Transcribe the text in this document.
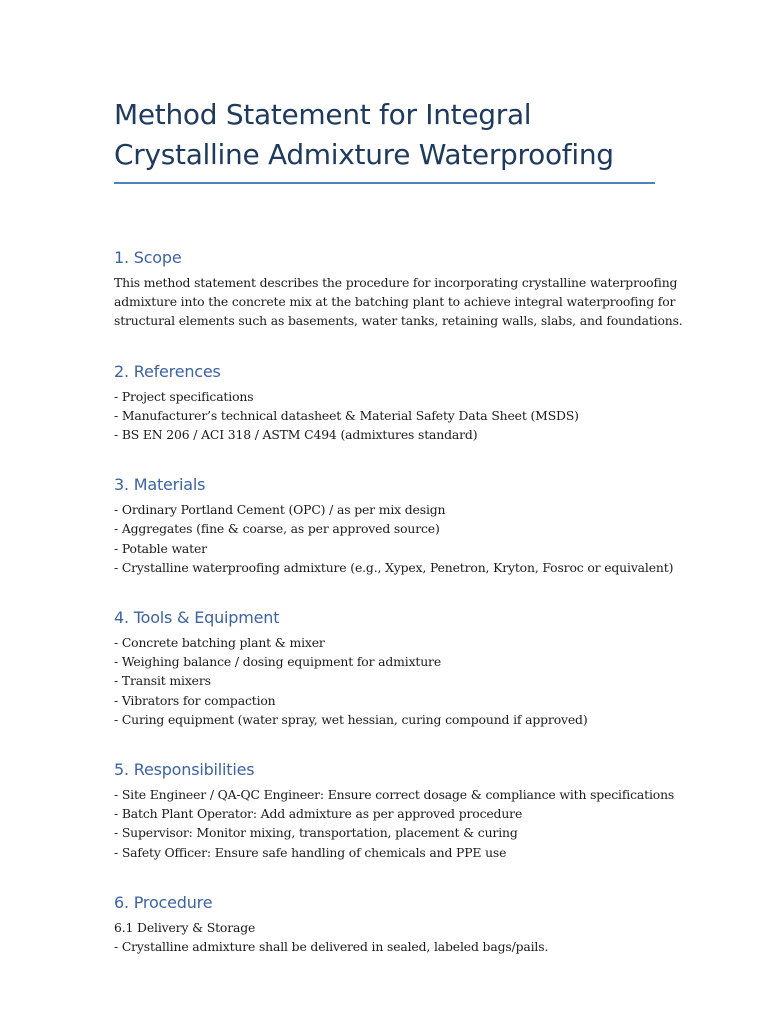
Method Statement for Integral
Crystalline Admixture Waterproofing
1. Scope
This method statement describes the procedure for incorporating crystalline waterproofing
admixture into the concrete mix at the batching plant to achieve integral waterproofing for
structural elements such as basements, water tanks, retaining walls, slabs, and foundations.
2. References
- Project specifications
- Manufacturer’s technical datasheet & Material Safety Data Sheet (MSDS)
- BS EN 206 / ACI 318 / ASTM C494 (admixtures standard)
3. Materials
- Ordinary Portland Cement (OPC) / as per mix design
- Aggregates (fine & coarse, as per approved source)
- Potable water
- Crystalline waterproofing admixture (e.g., Xypex, Penetron, Kryton, Fosroc or equivalent)
4. Tools & Equipment
- Concrete batching plant & mixer
- Weighing balance / dosing equipment for admixture
- Transit mixers
- Vibrators for compaction
- Curing equipment (water spray, wet hessian, curing compound if approved)
5. Responsibilities
- Site Engineer / QA-QC Engineer: Ensure correct dosage & compliance with specifications
- Batch Plant Operator: Add admixture as per approved procedure
- Supervisor: Monitor mixing, transportation, placement & curing
- Safety Officer: Ensure safe handling of chemicals and PPE use
6. Procedure
6.1 Delivery & Storage
- Crystalline admixture shall be delivered in sealed, labeled bags/pails.
